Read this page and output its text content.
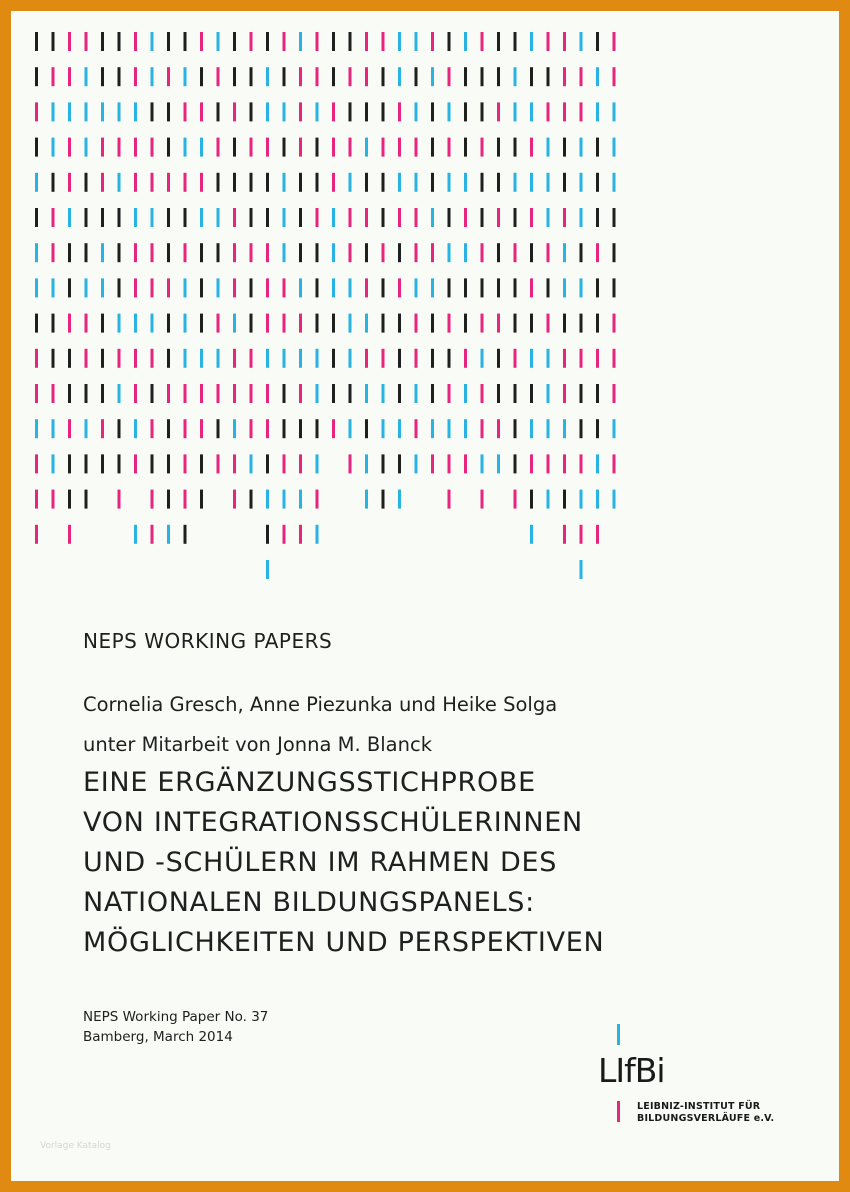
NEPS WORKING PAPERS
Cornelia Gresch, Anne Piezunka und Heike Solga
unter Mitarbeit von Jonna M. Blanck
EINE ERGÄNZUNGSSTICHPROBE
VON INTEGRATIONSSCHÜLERINNEN
UND -SCHÜLERN IM RAHMEN DES
NATIONALEN BILDUNGSPANELS:
MÖGLICHKEITEN UND PERSPEKTIVEN
NEPS Working Paper No. 37
Bamberg, March 2014
LIfBi
LEIBNIZ-INSTITUT FÜR
BILDUNGSVERLÄUFE e.V.
Vorlage Katalog
